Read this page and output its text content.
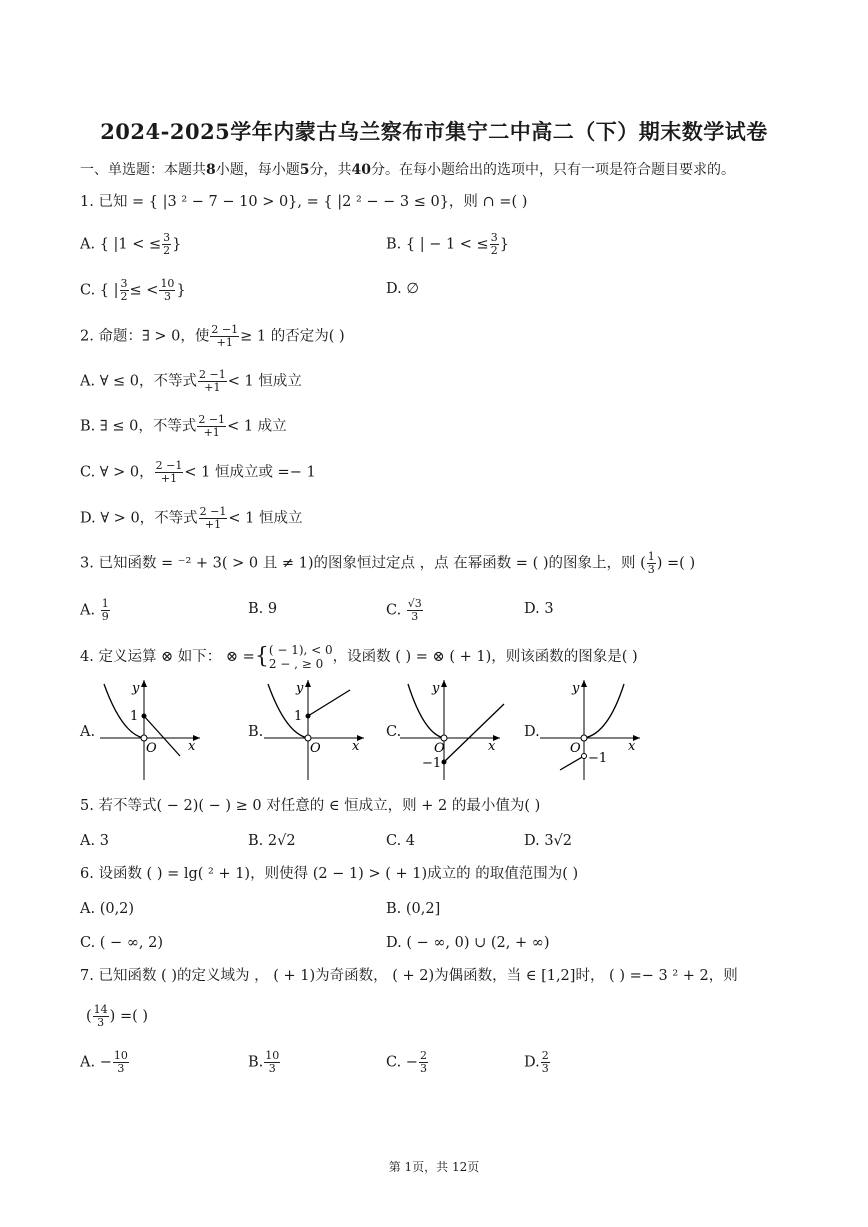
2024-2025学年内蒙古乌兰察布市集宁二中高二（下）期末数学试卷
一、单选题：本题共8小题，每小题5分，共40分。在每小题给出的选项中，只有一项是符合题目要求的。
1. 已知 = { |3 ² − 7 − 10 > 0}, = { |2 ² − − 3 ≤ 0}，则 ∩ =( )
A. { |1 < ≤ $\frac{3}{2}$ }	B. { | − 1 < ≤ $\frac{3}{2}$ }
C. { | $\frac{3}{2}$ ≤ < $\frac{10}{3}$ }	D. ∅
2. 命题：∃ > 0，使 $\frac{2 -1}{+1} \ge 1$ 的否定为( )
A. ∀ ≤ 0，不等式 $\frac{2 -1}{+1} < 1$ 恒成立
B. ∃ ≤ 0，不等式 $\frac{2 -1}{+1} < 1$ 成立
C. ∀ > 0， $\frac{2 -1}{+1} < 1$ 恒成立或 =− 1
D. ∀ > 0，不等式 $\frac{2 -1}{+1} < 1$ 恒成立
3. 已知函数 = ⁻² + 3( > 0 且 ≠ 1)的图象恒过定点 ，点 在幂函数 = ( )的图象上，则 ( $\frac{1}{3}$ ) =( )
A. $\frac{1}{9}$	B. 9	C. $\frac{√3}{3}$	D. 3
4. 定义运算 ⊗ 如下： ⊗ ={ ( − 1), < 0
2 − , ≥ 0 ，设函数 ( ) = ⊗ ( + 1)，则该函数的图象是( )
A.
y
1
O x
B.
y
1
O x
C.
y
−1
O	x
D.
y
−1
O	x
5. 若不等式( − 2)( − ) ≥ 0 对任意的 ∈ 恒成立，则 + 2 的最小值为( )
A. 3	B. 2√2	C. 4	D. 3√2
6. 设函数 ( ) = lg( ² + 1)，则使得 (2 − 1) > ( + 1)成立的 的取值范围为( )
A. (0,2)	B. (0,2]
C. ( − ∞, 2)	D. ( − ∞, 0) ∪ (2, + ∞)
7. 已知函数 ( )的定义域为 ， ( + 1)为奇函数， ( + 2)为偶函数，当 ∈ [1,2]时， ( ) =− 3 ² + 2，则
( $\frac{14}{3}$ ) =( )
A. − $\frac{10}{3}$	B. $\frac{10}{3}$	C. − $\frac{2}{3}$	D. $\frac{2}{3}$
第 1页，共 12页
